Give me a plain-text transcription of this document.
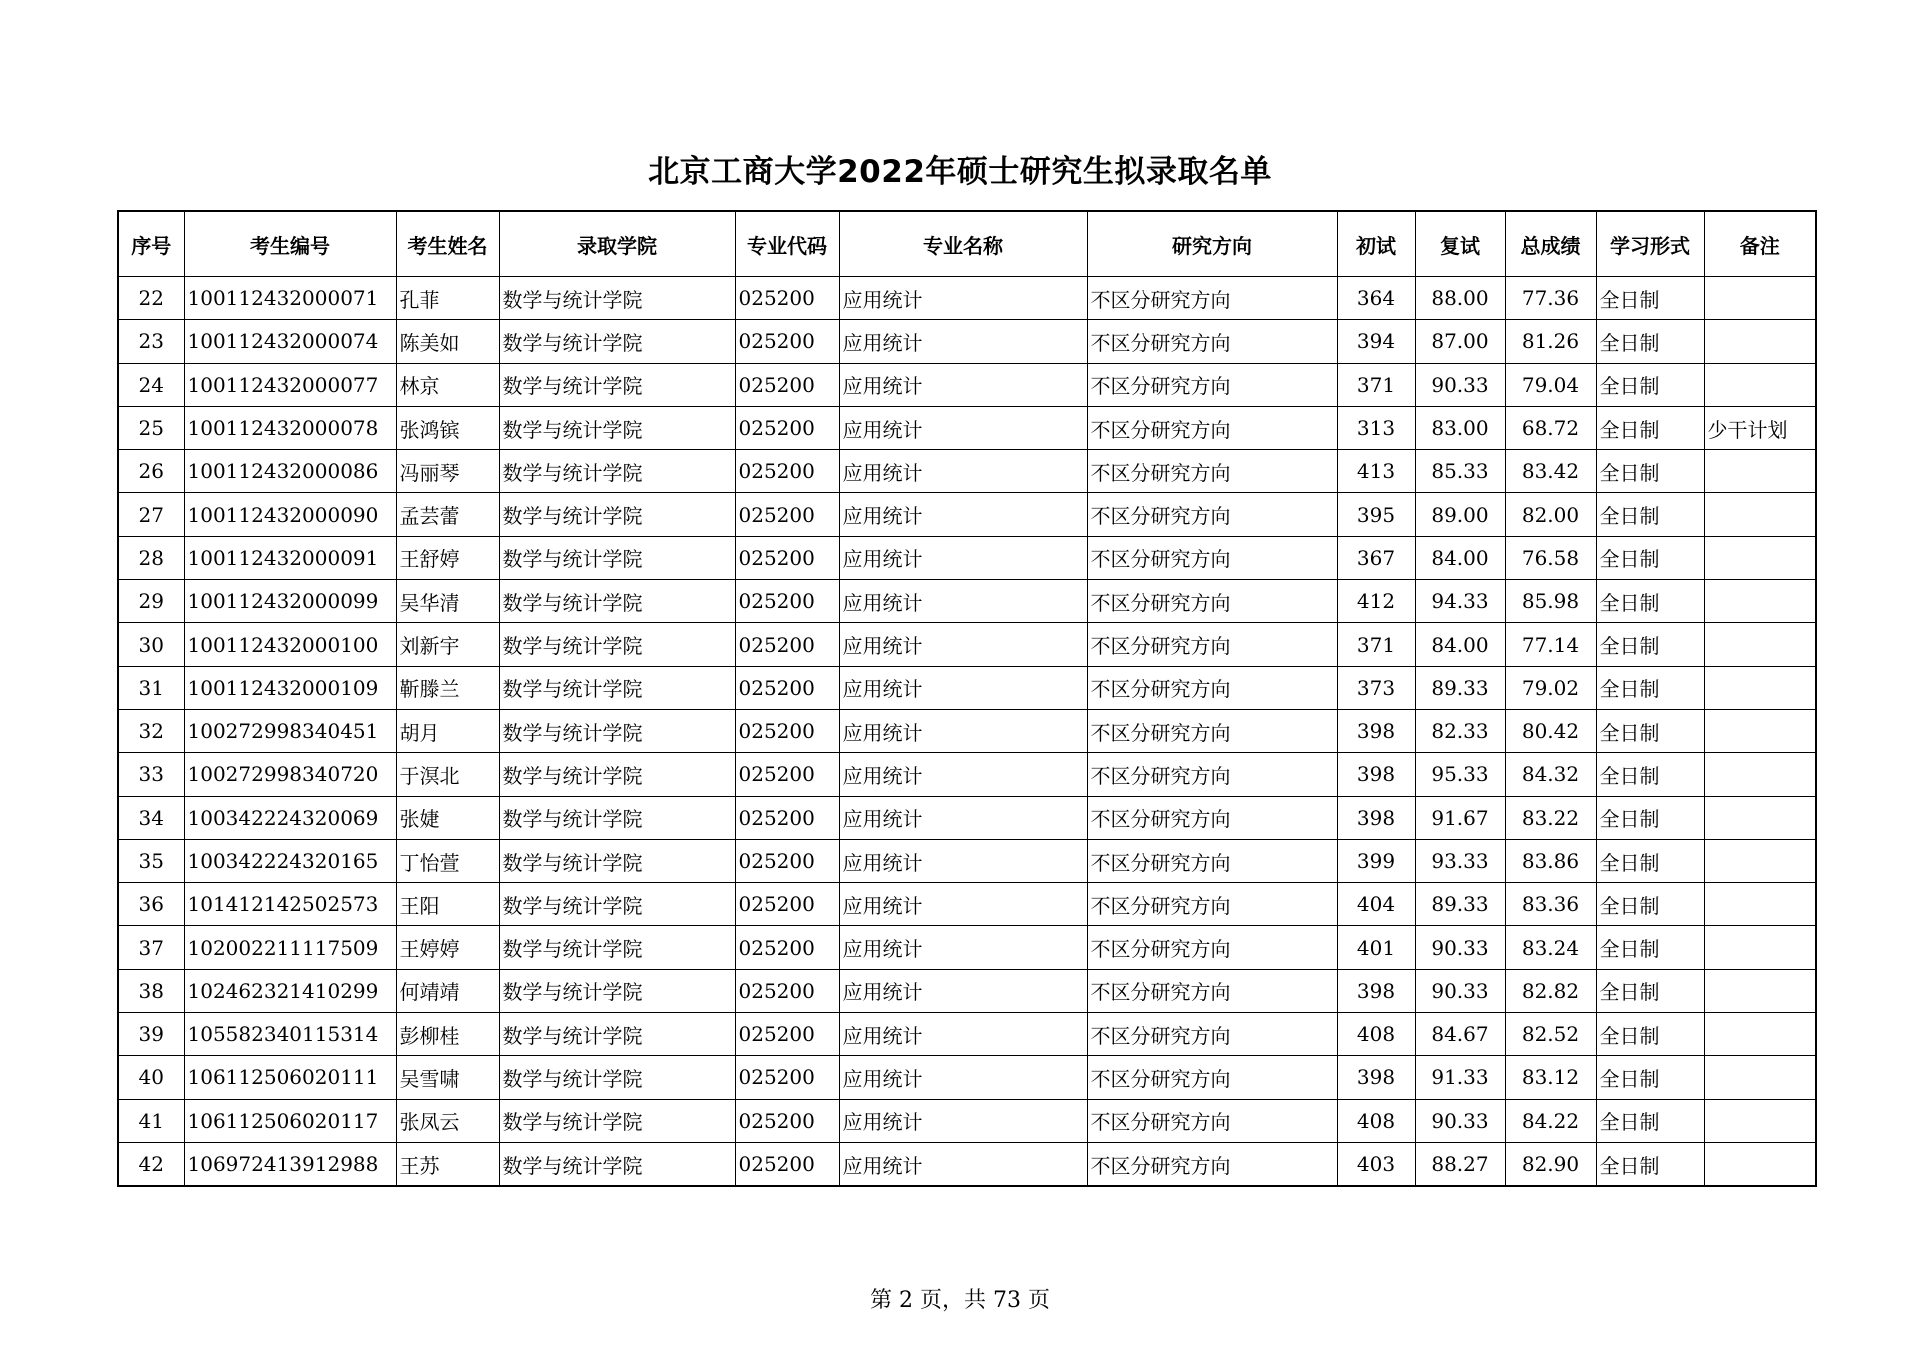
北京工商大学2022年硕士研究生拟录取名单
序号	考生编号	考生姓名	录取学院	专业代码	专业名称	研究方向	初试	复试	总成绩	学习形式	备注
22	100112432000071	孔菲	数学与统计学院	025200	应用统计	不区分研究方向	364	88.00	77.36	全日制	
23	100112432000074	陈美如	数学与统计学院	025200	应用统计	不区分研究方向	394	87.00	81.26	全日制	
24	100112432000077	林京	数学与统计学院	025200	应用统计	不区分研究方向	371	90.33	79.04	全日制	
25	100112432000078	张鸿镔	数学与统计学院	025200	应用统计	不区分研究方向	313	83.00	68.72	全日制	少干计划
26	100112432000086	冯丽琴	数学与统计学院	025200	应用统计	不区分研究方向	413	85.33	83.42	全日制	
27	100112432000090	孟芸蕾	数学与统计学院	025200	应用统计	不区分研究方向	395	89.00	82.00	全日制	
28	100112432000091	王舒婷	数学与统计学院	025200	应用统计	不区分研究方向	367	84.00	76.58	全日制	
29	100112432000099	吴华清	数学与统计学院	025200	应用统计	不区分研究方向	412	94.33	85.98	全日制	
30	100112432000100	刘新宇	数学与统计学院	025200	应用统计	不区分研究方向	371	84.00	77.14	全日制	
31	100112432000109	靳滕兰	数学与统计学院	025200	应用统计	不区分研究方向	373	89.33	79.02	全日制	
32	100272998340451	胡月	数学与统计学院	025200	应用统计	不区分研究方向	398	82.33	80.42	全日制	
33	100272998340720	于溟北	数学与统计学院	025200	应用统计	不区分研究方向	398	95.33	84.32	全日制	
34	100342224320069	张婕	数学与统计学院	025200	应用统计	不区分研究方向	398	91.67	83.22	全日制	
35	100342224320165	丁怡萱	数学与统计学院	025200	应用统计	不区分研究方向	399	93.33	83.86	全日制	
36	101412142502573	王阳	数学与统计学院	025200	应用统计	不区分研究方向	404	89.33	83.36	全日制	
37	102002211117509	王婷婷	数学与统计学院	025200	应用统计	不区分研究方向	401	90.33	83.24	全日制	
38	102462321410299	何靖靖	数学与统计学院	025200	应用统计	不区分研究方向	398	90.33	82.82	全日制	
39	105582340115314	彭柳桂	数学与统计学院	025200	应用统计	不区分研究方向	408	84.67	82.52	全日制	
40	106112506020111	吴雪啸	数学与统计学院	025200	应用统计	不区分研究方向	398	91.33	83.12	全日制	
41	106112506020117	张凤云	数学与统计学院	025200	应用统计	不区分研究方向	408	90.33	84.22	全日制	
42	106972413912988	王苏	数学与统计学院	025200	应用统计	不区分研究方向	403	88.27	82.90	全日制	
第 2 页，共 73 页
